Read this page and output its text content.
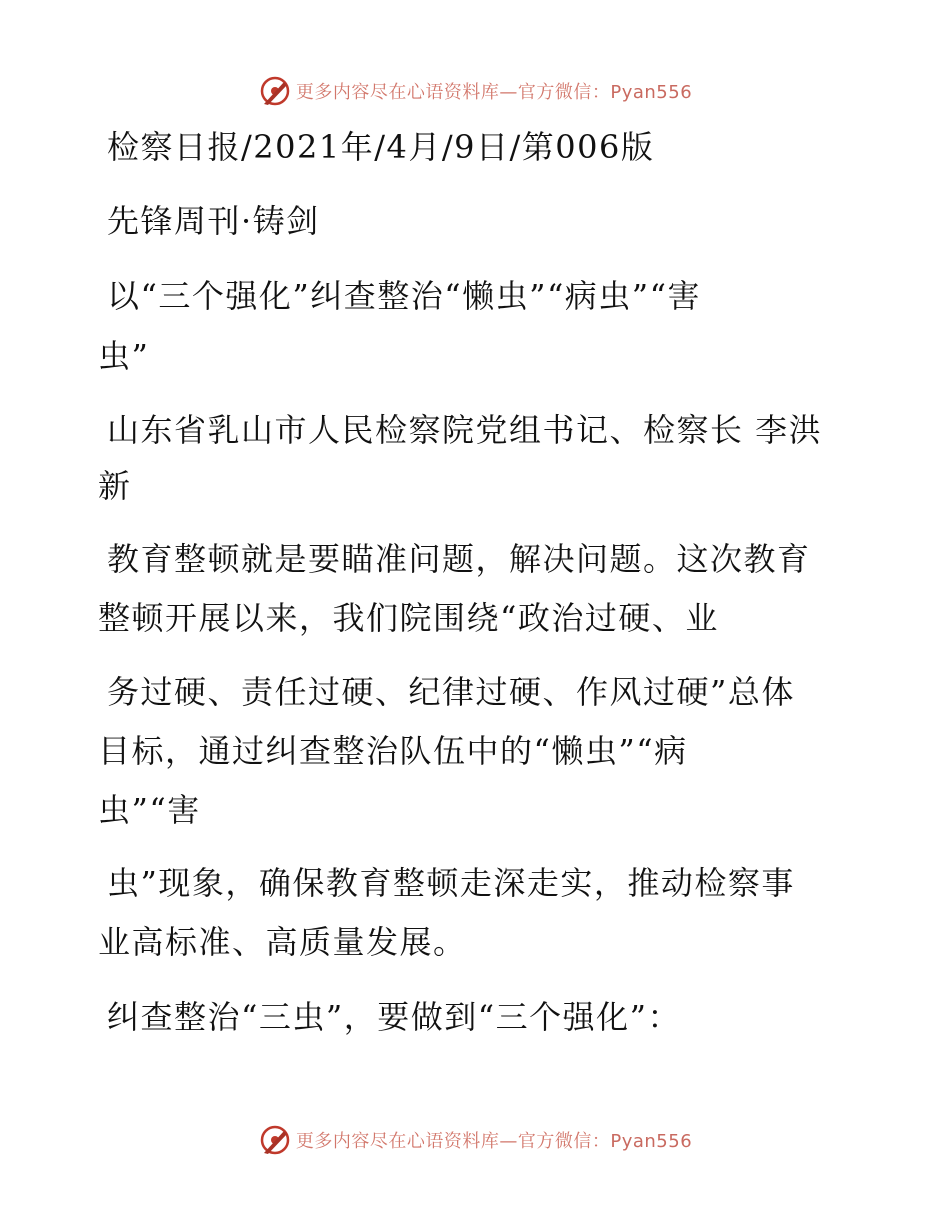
更多内容尽在心语资料库—官方微信：Pyan556
检察日报/2021年/4月/9日/第006版
先锋周刊·铸剑
以“三个强化”纠查整治“懒虫”“病虫”“害
虫”
山东省乳山市人民检察院党组书记、检察长 李洪
新
教育整顿就是要瞄准问题，解决问题。这次教育
整顿开展以来，我们院围绕“政治过硬、业
务过硬、责任过硬、纪律过硬、作风过硬”总体
目标，通过纠查整治队伍中的“懒虫”“病
虫”“害
虫”现象，确保教育整顿走深走实，推动检察事
业高标准、高质量发展。
纠查整治“三虫”，要做到“三个强化”：
更多内容尽在心语资料库—官方微信：Pyan556
